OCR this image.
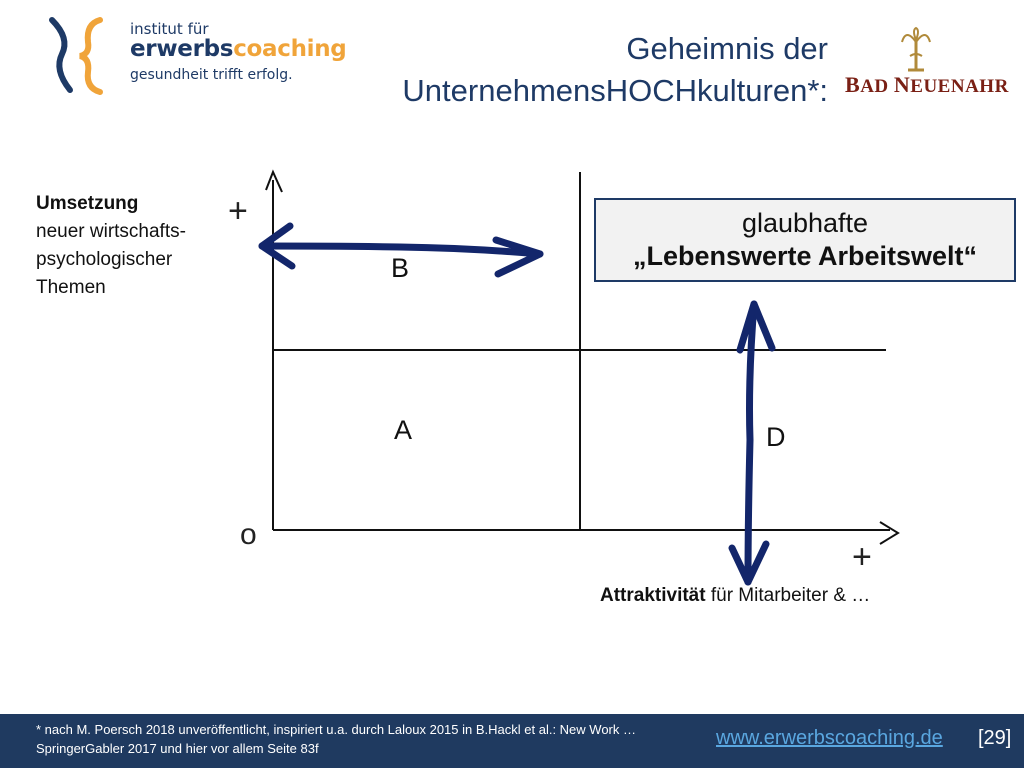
institut für
erwerbscoaching
gesundheit trifft erfolg.
Geheimnis der
UnternehmensHOCHkulturen*: BAD NEUENAHR
Umsetzung
neuer wirtschafts-
psychologischer
Themen
+
o
+
B
A	D
glaubhafte
„Lebenswerte Arbeitswelt“
Attraktivität für Mitarbeiter & …
* nach M. Poersch 2018 unveröffentlicht, inspiriert u.a. durch Laloux 2015 in B.Hackl et al.: New Work …
SpringerGabler 2017 und hier vor allem Seite 83f	www.erwerbscoaching.de [29]
